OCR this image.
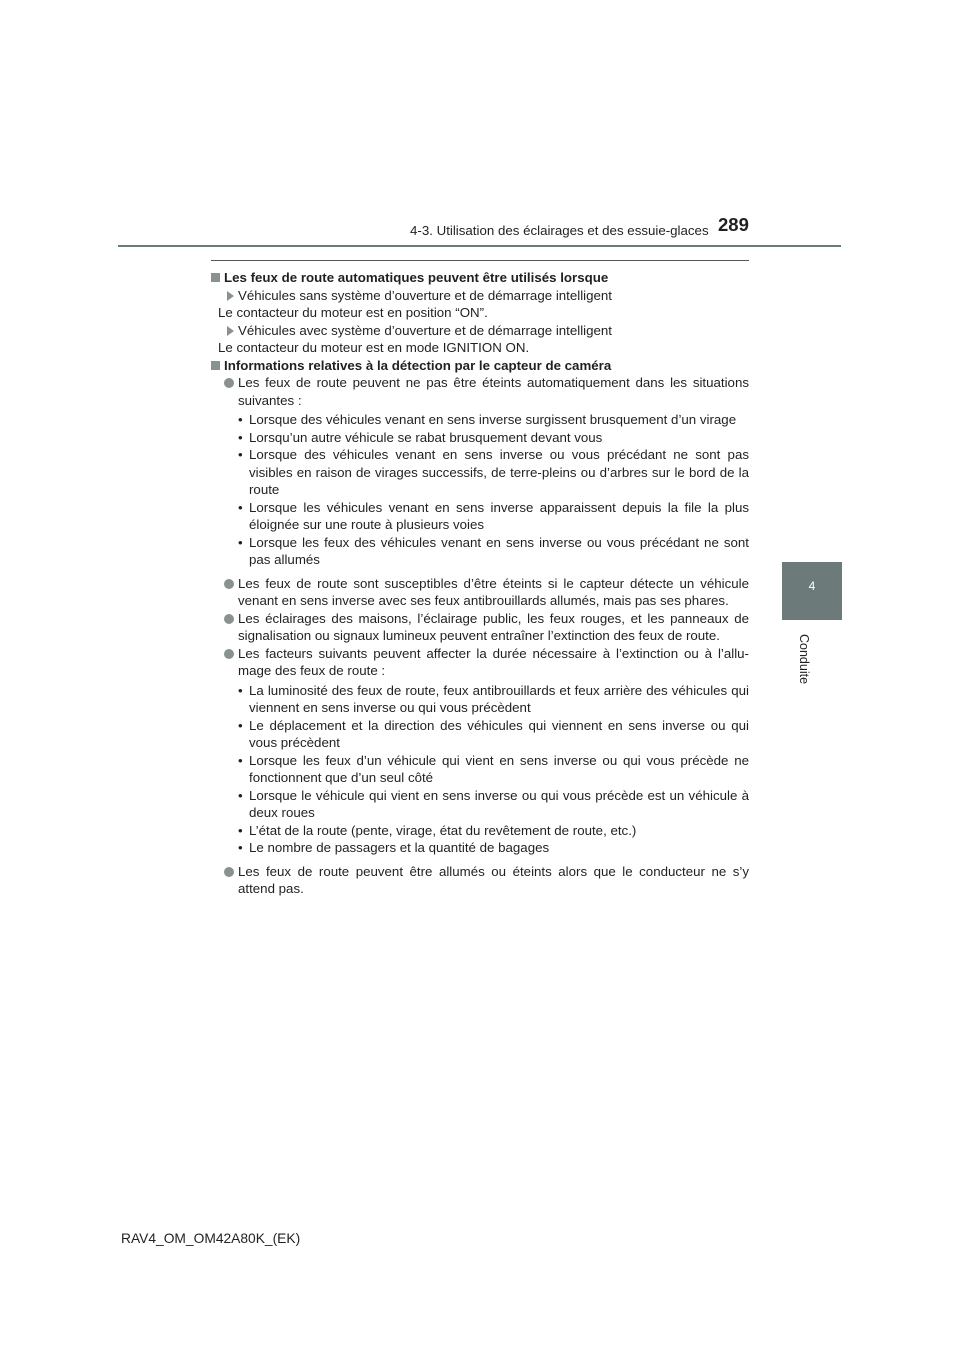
4-3. Utilisation des éclairages et des essuie-glaces 289
4
Conduite

Les feux de route automatiques peuvent être utilisés lorsque

Véhicules sans système d’ouverture et de démarrage intelligent

Le contacteur du moteur est en position “ON”.

Véhicules avec système d’ouverture et de démarrage intelligent

Le contacteur du moteur est en mode IGNITION ON.

Informations relatives à la détection par le capteur de caméra

Les feux de route peuvent ne pas être éteints automatiquement dans les situations suivantes :

• Lorsque des véhicules venant en sens inverse surgissent brusquement d’un virage

• Lorsqu’un autre véhicule se rabat brusquement devant vous

• Lorsque des véhicules venant en sens inverse ou vous précédant ne sont pas visibles en raison de virages successifs, de terre-pleins ou d’arbres sur le bord de la route

• Lorsque les véhicules venant en sens inverse apparaissent depuis la file la plus éloignée sur une route à plusieurs voies

• Lorsque les feux des véhicules venant en sens inverse ou vous précédant ne sont pas allumés

Les feux de route sont susceptibles d’être éteints si le capteur détecte un véhicule venant en sens inverse avec ses feux antibrouillards allumés, mais pas ses phares.

Les éclairages des maisons, l’éclairage public, les feux rouges, et les panneaux de signalisation ou signaux lumineux peuvent entraîner l’extinction des feux de route.

Les facteurs suivants peuvent affecter la durée nécessaire à l’extinction ou à l’allu-mage des feux de route :

• La luminosité des feux de route, feux antibrouillards et feux arrière des véhicules qui viennent en sens inverse ou qui vous précèdent

• Le déplacement et la direction des véhicules qui viennent en sens inverse ou qui vous précèdent

• Lorsque les feux d’un véhicule qui vient en sens inverse ou qui vous précède ne fonctionnent que d’un seul côté

• Lorsque le véhicule qui vient en sens inverse ou qui vous précède est un véhicule à deux roues

• L’état de la route (pente, virage, état du revêtement de route, etc.)

• Le nombre de passagers et la quantité de bagages

Les feux de route peuvent être allumés ou éteints alors que le conducteur ne s’y attend pas.

RAV4_OM_OM42A80K_(EK)
